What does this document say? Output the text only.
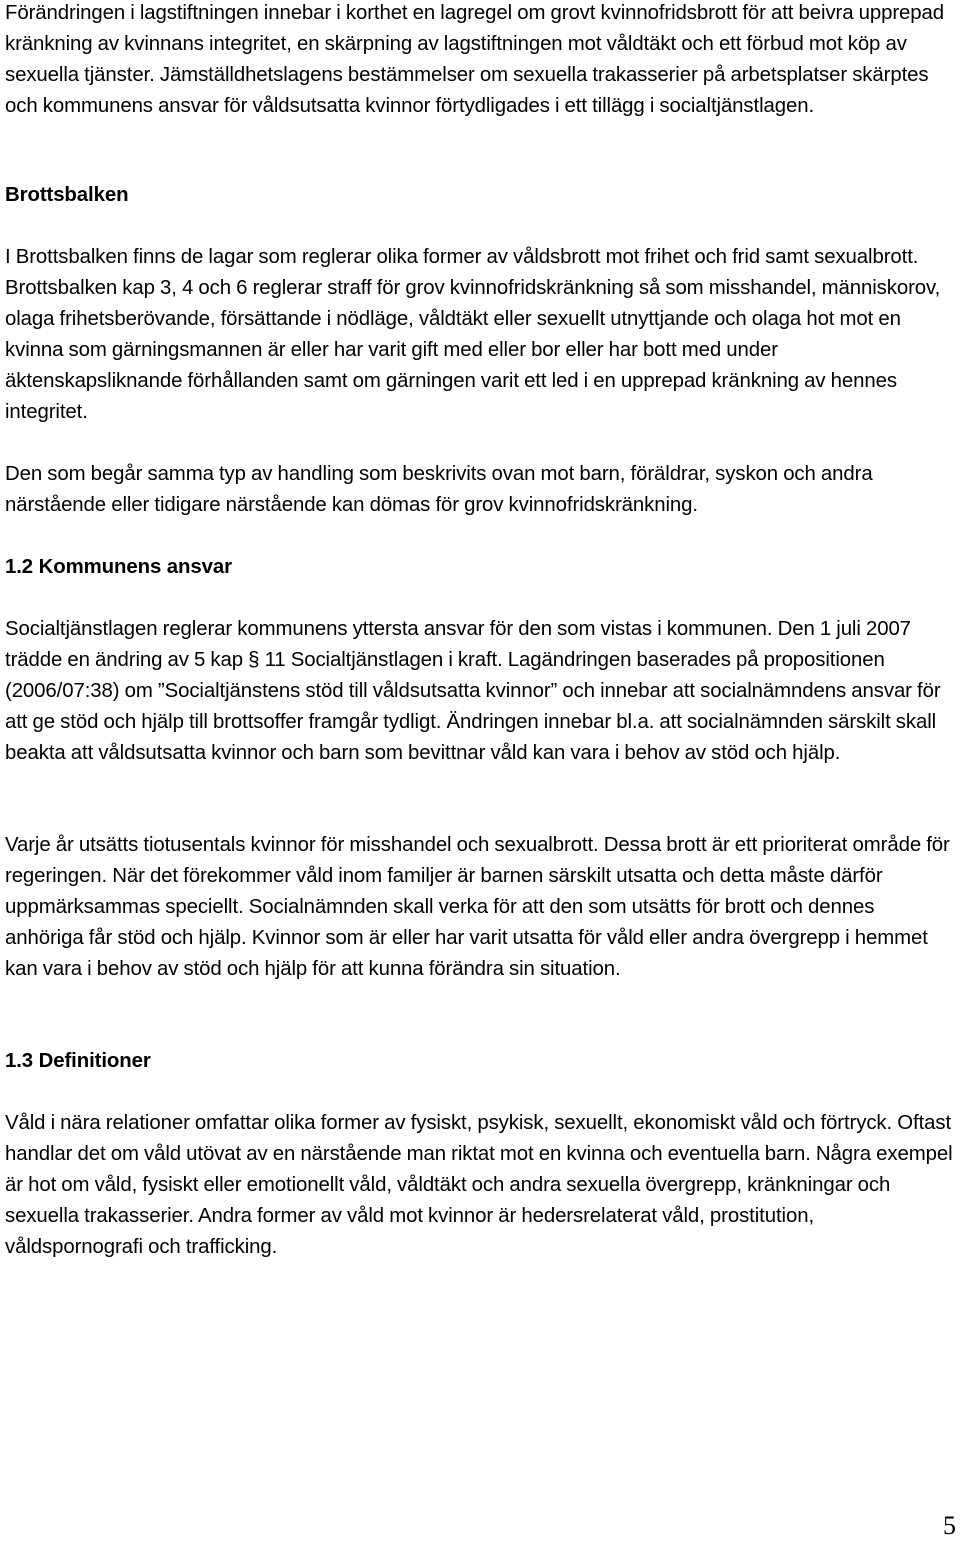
Förändringen i lagstiftningen innebar i korthet en lagregel om grovt kvinnofridsbrott för att beivra upprepad kränkning av kvinnans integritet, en skärpning av lagstiftningen mot våldtäkt och ett förbud mot köp av sexuella tjänster. Jämställdhetslagens bestämmelser om sexuella trakasserier på arbetsplatser skärptes och kommunens ansvar för våldsutsatta kvinnor förtydligades i ett tillägg i socialtjänstlagen.

Brottsbalken

I Brottsbalken finns de lagar som reglerar olika former av våldsbrott mot frihet och frid samt sexualbrott. Brottsbalken kap 3, 4 och 6 reglerar straff för grov kvinnofridskränkning så som misshandel, människorov, olaga frihetsberövande, försättande i nödläge, våldtäkt eller sexuellt utnyttjande och olaga hot mot en kvinna som gärningsmannen är eller har varit gift med eller bor eller har bott med under äktenskapsliknande förhållanden samt om gärningen varit ett led i en upprepad kränkning av hennes integritet.

Den som begår samma typ av handling som beskrivits ovan mot barn, föräldrar, syskon och andra närstående eller tidigare närstående kan dömas för grov kvinnofridskränkning.

1.2 Kommunens ansvar

Socialtjänstlagen reglerar kommunens yttersta ansvar för den som vistas i kommunen. Den 1 juli 2007 trädde en ändring av 5 kap § 11 Socialtjänstlagen i kraft. Lagändringen baserades på propositionen (2006/07:38) om ”Socialtjänstens stöd till våldsutsatta kvinnor” och innebar att socialnämndens ansvar för att ge stöd och hjälp till brottsoffer framgår tydligt. Ändringen innebar bl.a. att socialnämnden särskilt skall beakta att våldsutsatta kvinnor och barn som bevittnar våld kan vara i behov av stöd och hjälp.

Varje år utsätts tiotusentals kvinnor för misshandel och sexualbrott. Dessa brott är ett prioriterat område för regeringen. När det förekommer våld inom familjer är barnen särskilt utsatta och detta måste därför uppmärksammas speciellt. Socialnämnden skall verka för att den som utsätts för brott och dennes anhöriga får stöd och hjälp. Kvinnor som är eller har varit utsatta för våld eller andra övergrepp i hemmet kan vara i behov av stöd och hjälp för att kunna förändra sin situation.

1.3 Definitioner

Våld i nära relationer omfattar olika former av fysiskt, psykisk, sexuellt, ekonomiskt våld och förtryck. Oftast handlar det om våld utövat av en närstående man riktat mot en kvinna och eventuella barn. Några exempel är hot om våld, fysiskt eller emotionellt våld, våldtäkt och andra sexuella övergrepp, kränkningar och sexuella trakasserier. Andra former av våld mot kvinnor är hedersrelaterat våld, prostitution, våldspornografi och trafficking.

5
